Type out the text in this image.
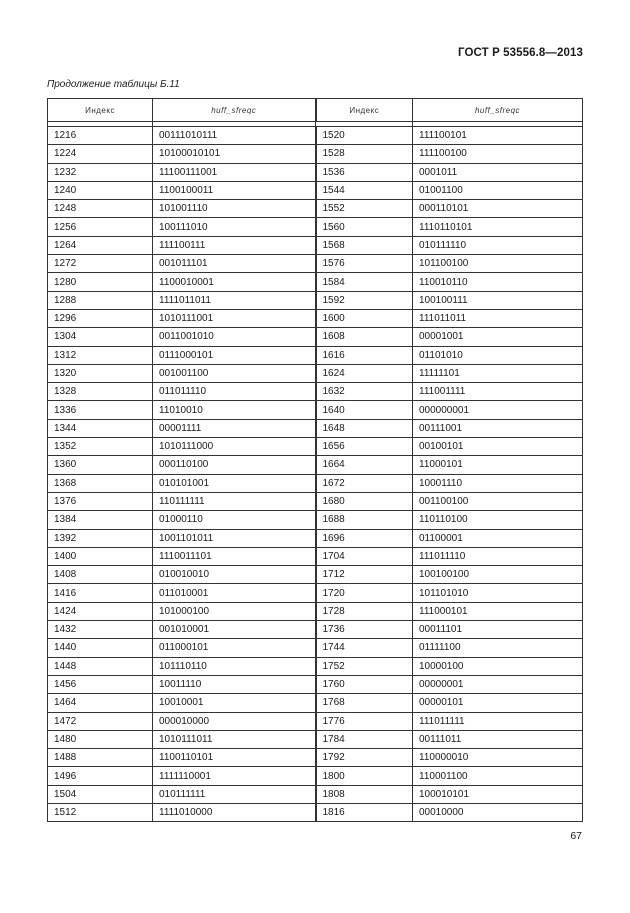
ГОСТ Р 53556.8—2013
Продолжение таблицы Б.11
Индекс	huff_sfreqc	Индекс	huff_sfreqc

1216	00111010111	1520	111100101
1224	10100010101	1528	111100100
1232	11100111001	1536	0001011
1240	1100100011	1544	01001100
1248	101001110	1552	000110101
1256	100111010	1560	1110110101
1264	111100111	1568	010111110
1272	001011101	1576	101100100
1280	1100010001	1584	110010110
1288	1111011011	1592	100100111
1296	1010111001	1600	111011011
1304	0011001010	1608	00001001
1312	0111000101	1616	01101010
1320	001001100	1624	11111101
1328	011011110	1632	111001111
1336	11010010	1640	000000001
1344	00001111	1648	00111001
1352	1010111000	1656	00100101
1360	000110100	1664	11000101
1368	010101001	1672	10001110
1376	110111111	1680	001100100
1384	01000110	1688	110110100
1392	1001101011	1696	01100001
1400	1110011101	1704	111011110
1408	010010010	1712	100100100
1416	011010001	1720	101101010
1424	101000100	1728	111000101
1432	001010001	1736	00011101
1440	011000101	1744	01111100
1448	101110110	1752	10000100
1456	10011110	1760	00000001
1464	10010001	1768	00000101
1472	000010000	1776	111011111
1480	1010111011	1784	00111011
1488	1100110101	1792	110000010
1496	1111110001	1800	110001100
1504	010111111	1808	100010101
1512	1111010000	1816	00010000
67
